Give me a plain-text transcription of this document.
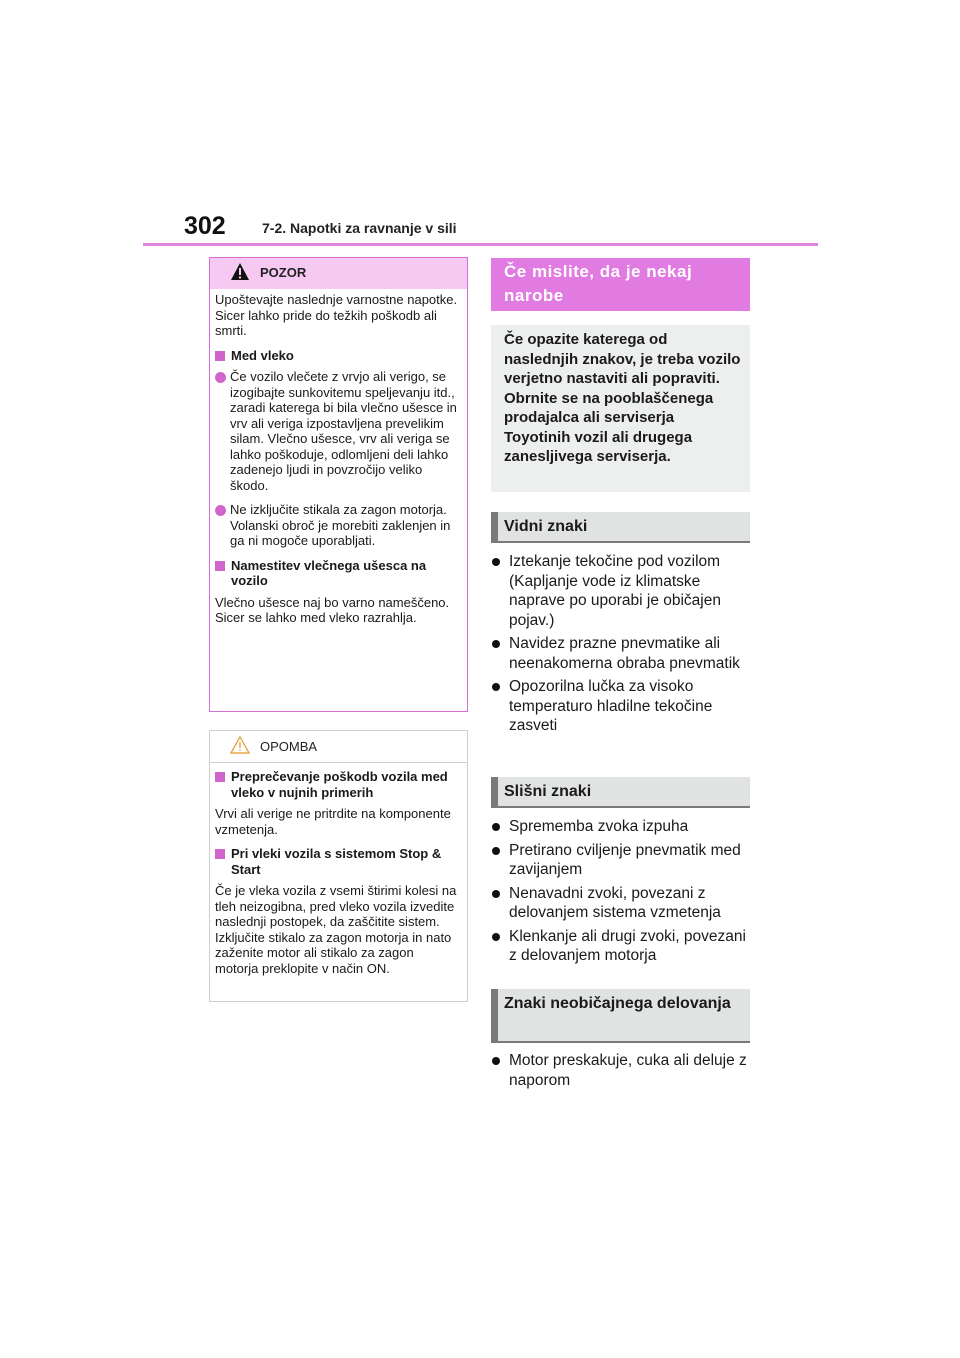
302	7-2. Napotki za ravnanje v sili
POZOR

Upoštevajte naslednje varnostne napotke.
Sicer lahko pride do težkih poškodb ali smrti.

Med vleko
Če vozilo vlečete z vrvjo ali verigo, se izogibajte sunkovitemu speljevanju itd., zaradi katerega bi bila vlečno ušesce in vrv ali veriga izpostavljena prevelikim silam. Vlečno ušesce, vrv ali veriga se lahko poškoduje, odlomljeni deli lahko zadenejo ljudi in povzročijo veliko škodo.
Ne izključite stikala za zagon motorja.
Volanski obroč je morebiti zaklenjen in ga ni mogoče uporabljati.
Namestitev vlečnega ušesca na vozilo

Vlečno ušesce naj bo varno nameščeno.
Sicer se lahko med vleko razrahlja.

OPOMBA
Preprečevanje poškodb vozila med vleko v nujnih primerih

Vrvi ali verige ne pritrdite na komponente vzmetenja.

Pri vleki vozila s sistemom Stop & Start

Če je vleka vozila z vsemi štirimi kolesi na tleh neizogibna, pred vleko vozila izvedite naslednji postopek, da zaščitite sistem. Izključite stikalo za zagon motorja in nato zaženite motor ali stikalo za zagon motorja preklopite v način ON.

Če mislite, da je nekaj narobe
Če opazite katerega od naslednjih znakov, je treba vozilo verjetno nastaviti ali popraviti. Obrnite se na pooblaščenega prodajalca ali serviserja Toyotinih vozil ali drugega zanesljivega serviserja.
Vidni znaki
Iztekanje tekočine pod vozilom (Kapljanje vode iz klimatske naprave po uporabi je običajen pojav.)
Navidez prazne pnevmatike ali neenakomerna obraba pnevmatik
Opozorilna lučka za visoko temperaturo hladilne tekočine zasveti
Slišni znaki
Sprememba zvoka izpuha
Pretirano cviljenje pnevmatik med zavijanjem
Nenavadni zvoki, povezani z delovanjem sistema vzmetenja
Klenkanje ali drugi zvoki, povezani z delovanjem motorja
Znaki neobičajnega delovanja
Motor preskakuje, cuka ali deluje z naporom
